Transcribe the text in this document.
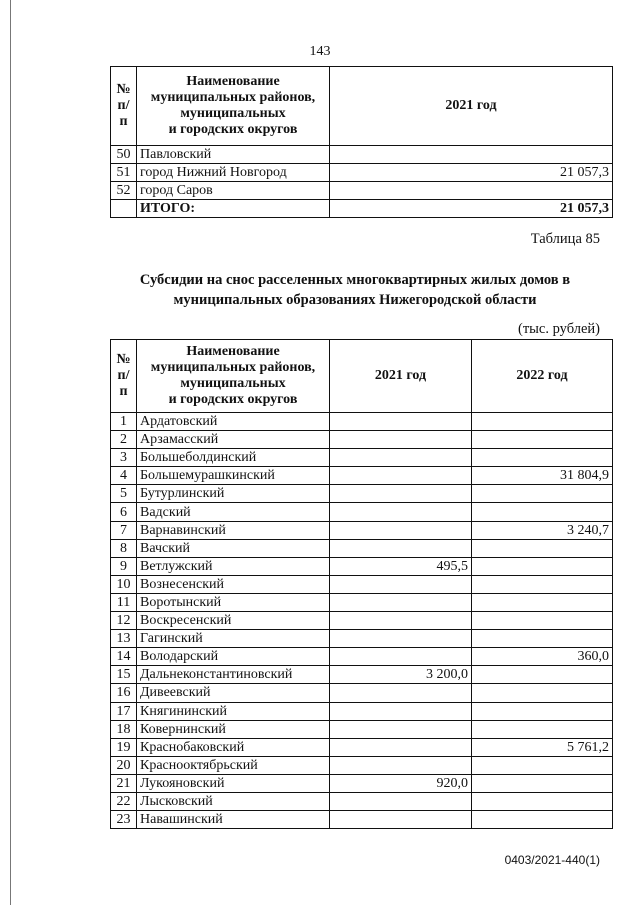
143
№
п/п	Наименование
муниципальных районов,
муниципальных
и городских округов	2021 год
50	Павловский	
51	город Нижний Новгород	21 057,3
52	город Саров	
	ИТОГО:	21 057,3
Таблица 85
Субсидии на снос расселенных многоквартирных жилых домов в муниципальных образованиях Нижегородской области
(тыс. рублей)
№
п/п	Наименование
муниципальных районов,
муниципальных
и городских округов	2021 год	2022 год
1	Ардатовский		
2	Арзамасский		
3	Большеболдинский		
4	Большемурашкинский		31 804,9
5	Бутурлинский		
6	Вадский		
7	Варнавинский		3 240,7
8	Вачский		
9	Ветлужский	495,5	
10	Вознесенский		
11	Воротынский		
12	Воскресенский		
13	Гагинский		
14	Володарский		360,0
15	Дальнеконстантиновский	3 200,0	
16	Дивеевский		
17	Княгининский		
18	Ковернинский		
19	Краснобаковский		5 761,2
20	Краснооктябрьский		
21	Лукояновский	920,0	
22	Лысковский		
23	Навашинский		
0403/2021-440(1)
